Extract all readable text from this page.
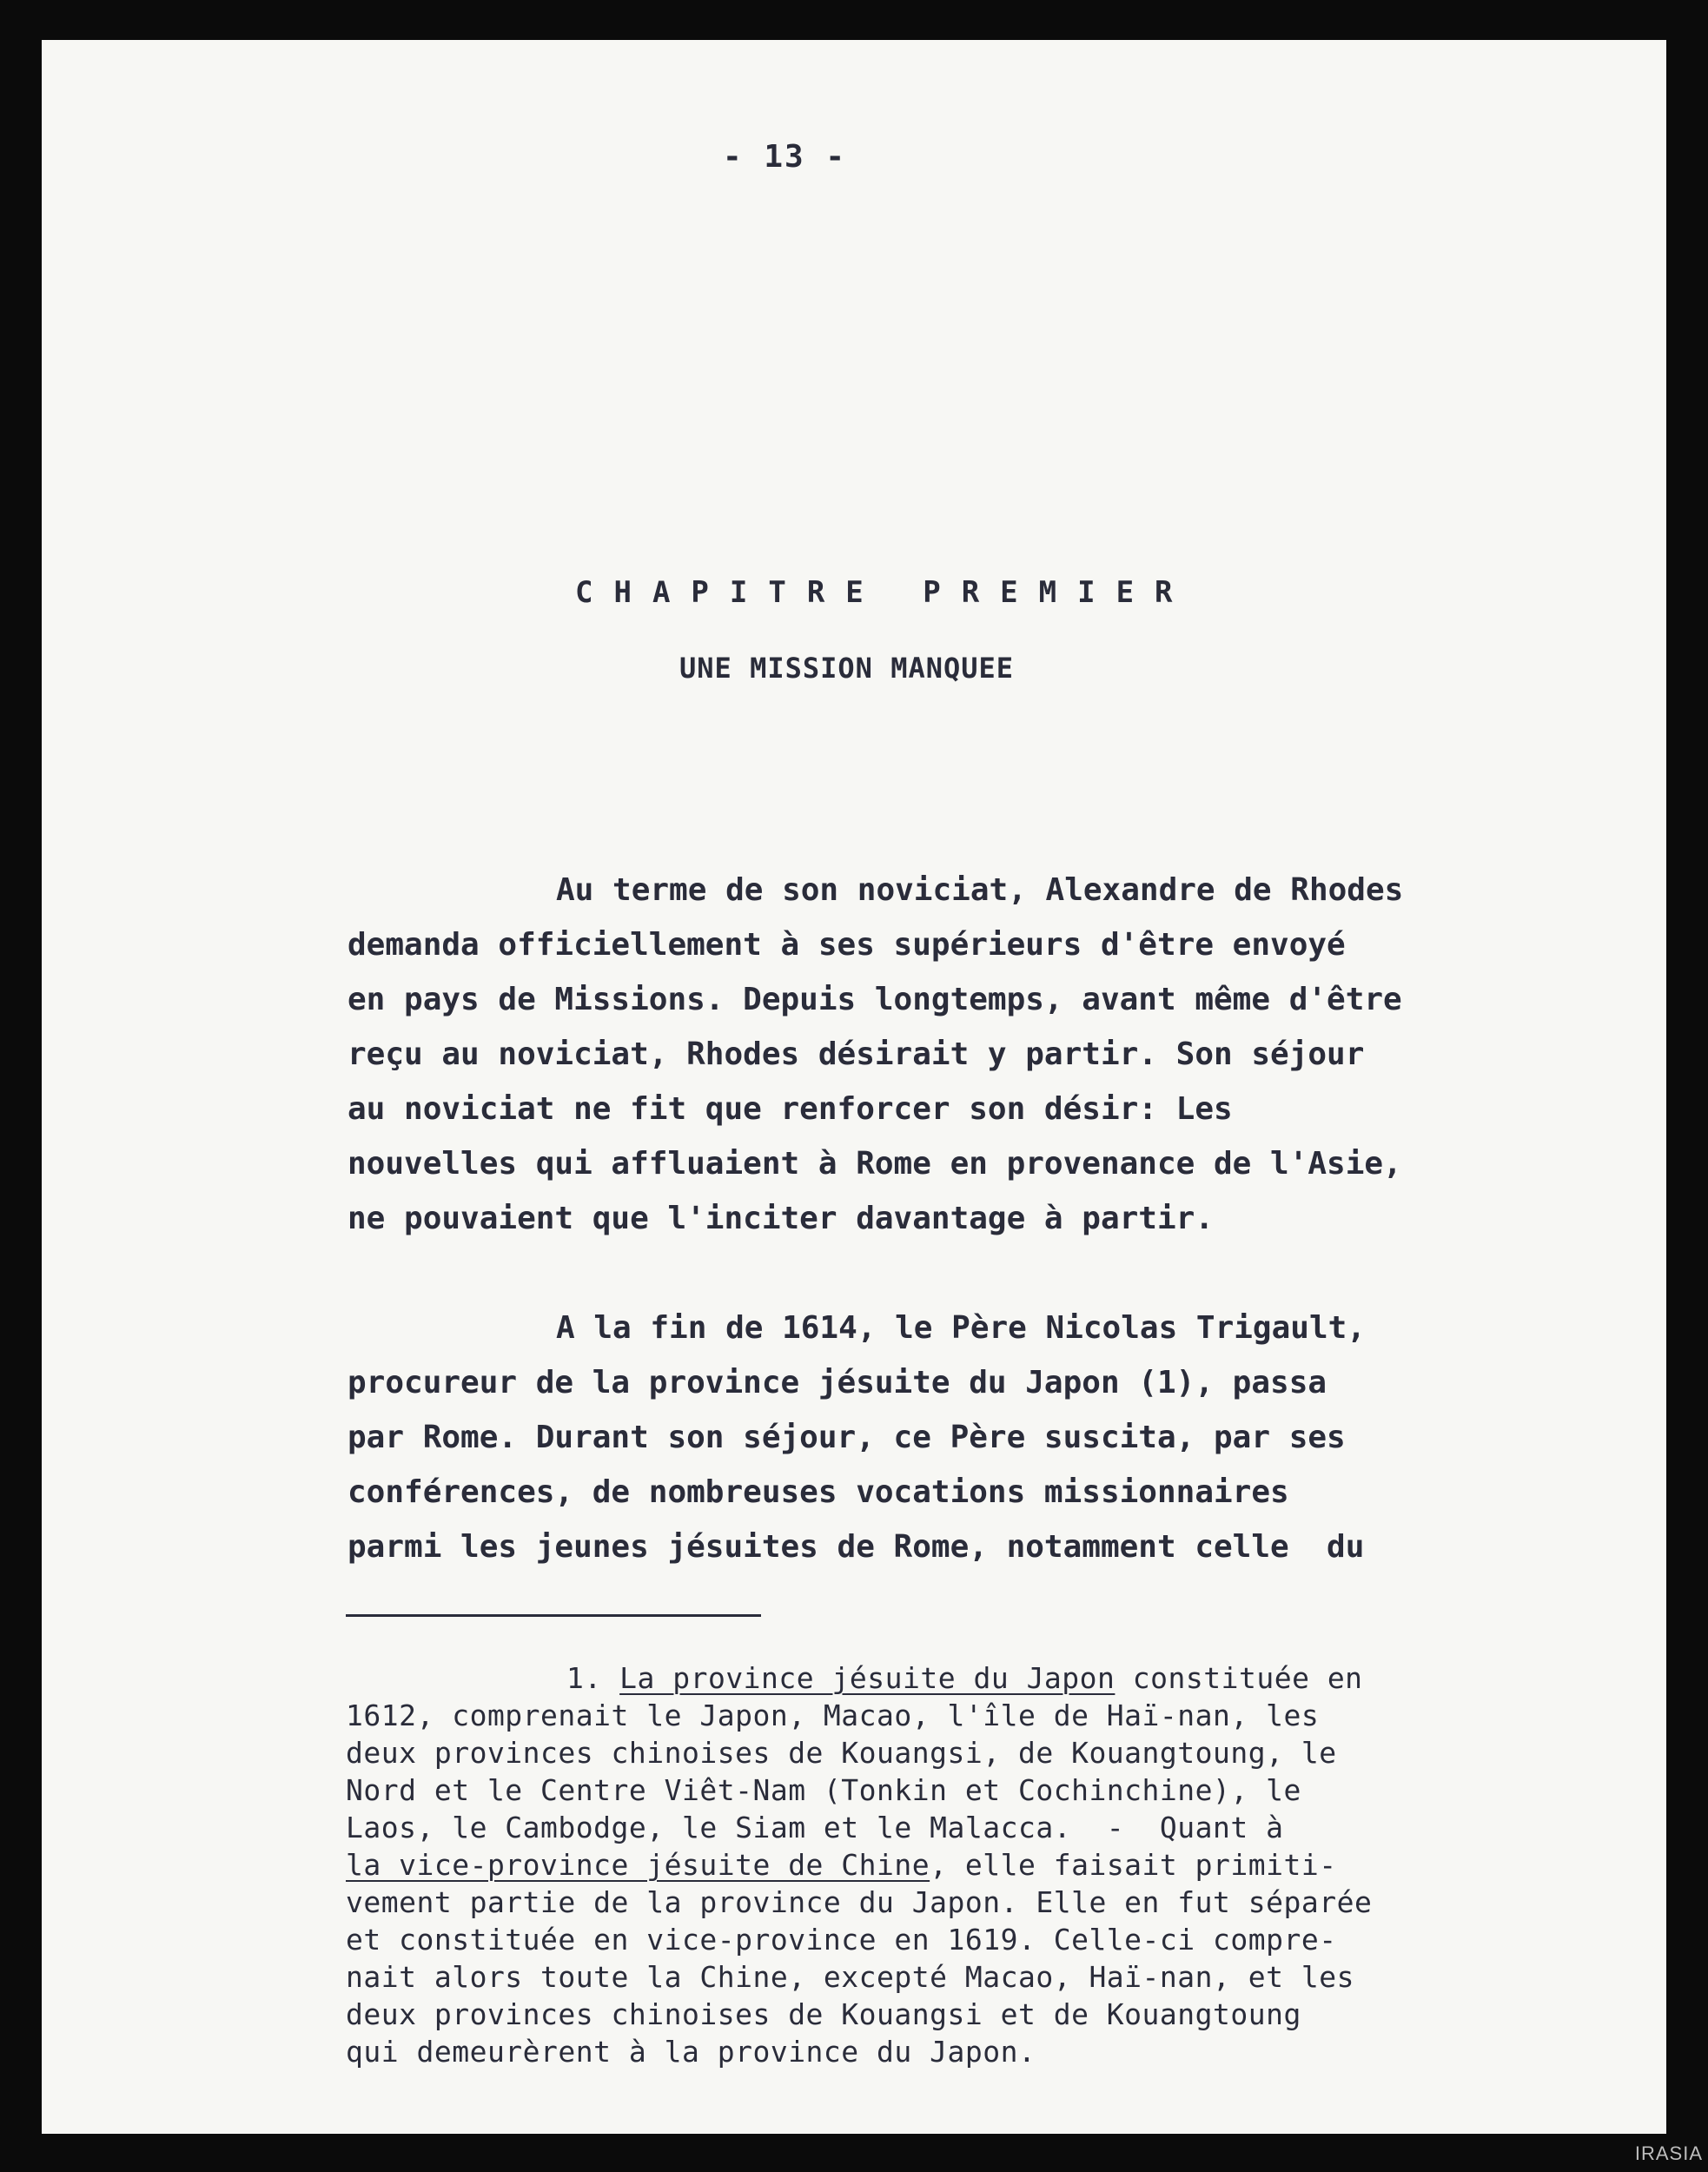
- 13 -
CHAPITRE PREMIER
UNE MISSION MANQUEE
Au terme de son noviciat, Alexandre de Rhodes
demanda officiellement à ses supérieurs d'être envoyé
en pays de Missions. Depuis longtemps, avant même d'être
reçu au noviciat, Rhodes désirait y partir. Son séjour
au noviciat ne fit que renforcer son désir: Les
nouvelles qui affluaient à Rome en provenance de l'Asie,
ne pouvaient que l'inciter davantage à partir.
A la fin de 1614, le Père Nicolas Trigault,
procureur de la province jésuite du Japon (1), passa
par Rome. Durant son séjour, ce Père suscita, par ses
conférences, de nombreuses vocations missionnaires
parmi les jeunes jésuites de Rome, notamment celle  du
1. La province jésuite du Japon constituée en
1612, comprenait le Japon, Macao, l'île de Haï-nan, les
deux provinces chinoises de Kouangsi, de Kouangtoung, le
Nord et le Centre Viêt-Nam (Tonkin et Cochinchine), le
Laos, le Cambodge, le Siam et le Malacca.  -  Quant à
la vice-province jésuite de Chine, elle faisait primiti-
vement partie de la province du Japon. Elle en fut séparée
et constituée en vice-province en 1619. Celle-ci compre-
nait alors toute la Chine, excepté Macao, Haï-nan, et les
deux provinces chinoises de Kouangsi et de Kouangtoung
qui demeurèrent à la province du Japon.
IRASIA
